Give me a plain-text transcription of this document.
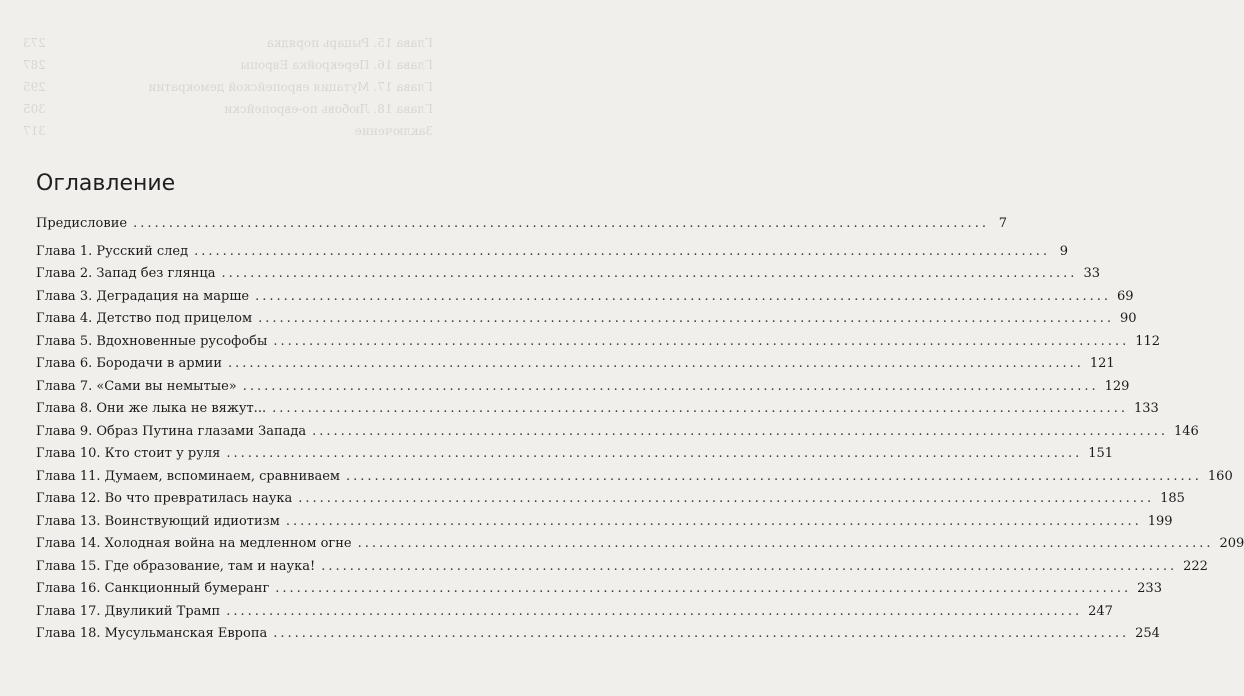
Глава 15. Рыцарь порядка
273
Глава 16. Перекройка Европы
287
Глава 17. Мутация европейской демократии
295
Глава 18. Любовь по-европейски
305
Заключение
317
Оглавление
Предисловие ........................................................................................................................ 7
Глава 1. Русский след ........................................................................................................................ 9
Глава 2. Запад без глянца ........................................................................................................................ 33
Глава 3. Деградация на марше ........................................................................................................................ 69
Глава 4. Детство под прицелом ........................................................................................................................ 90
Глава 5. Вдохновенные русофобы ........................................................................................................................ 112
Глава 6. Бородачи в армии ........................................................................................................................ 121
Глава 7. «Сами вы немытые» ........................................................................................................................ 129
Глава 8. Они же лыка не вяжут... ........................................................................................................................ 133
Глава 9. Образ Путина глазами Запада ........................................................................................................................ 146
Глава 10. Кто стоит у руля ........................................................................................................................ 151
Глава 11. Думаем, вспоминаем, сравниваем ........................................................................................................................ 160
Глава 12. Во что превратилась наука ........................................................................................................................ 185
Глава 13. Воинствующий идиотизм ........................................................................................................................ 199
Глава 14. Холодная война на медленном огне ........................................................................................................................ 209
Глава 15. Где образование, там и наука! ........................................................................................................................ 222
Глава 16. Санкционный бумеранг ........................................................................................................................ 233
Глава 17. Двуликий Трамп ........................................................................................................................ 247
Глава 18. Мусульманская Европа ........................................................................................................................ 254
